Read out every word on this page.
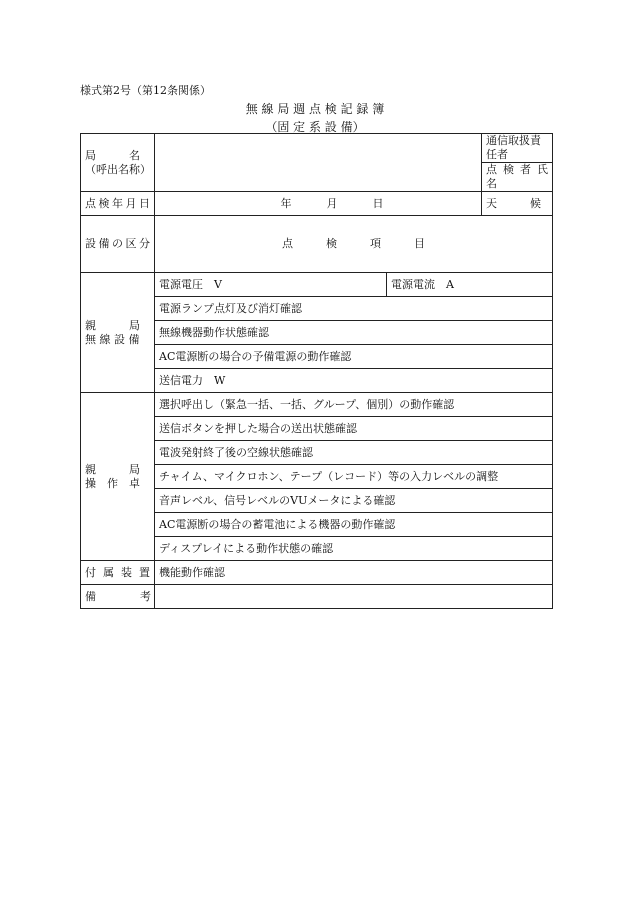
様式第2号（第12条関係）
無 線 局 週 点 検 記 録 簿
（固 定 系 設 備）
局　　　名
（呼出名称）			通信取扱責任者	
			点 検 者 氏 名	
点検年月日	年 月 日		天　　　候	
設備の区分	点　　　検　　　項　　　目	
親　　　局
無 線 設 備	電源電圧　V	電源電流　A		
	電源ランプ点灯及び消灯確認			
	無線機器動作状態確認			
	AC電源断の場合の予備電源の動作確認			
	送信電力　W			
親　　　局
操　作　卓	選択呼出し（緊急一括、一括、グループ、個別）の動作確認			
	送信ボタンを押した場合の送出状態確認			
	電波発射終了後の空線状態確認			
	チャイム、マイクロホン、テープ（レコード）等の入力レベルの調整			
	音声レベル、信号レベルのVUメータによる確認			
	AC電源断の場合の蓄電池による機器の動作確認			
	ディスプレイによる動作状態の確認			
付 属 装 置	機能動作確認			
備　　　　考				
